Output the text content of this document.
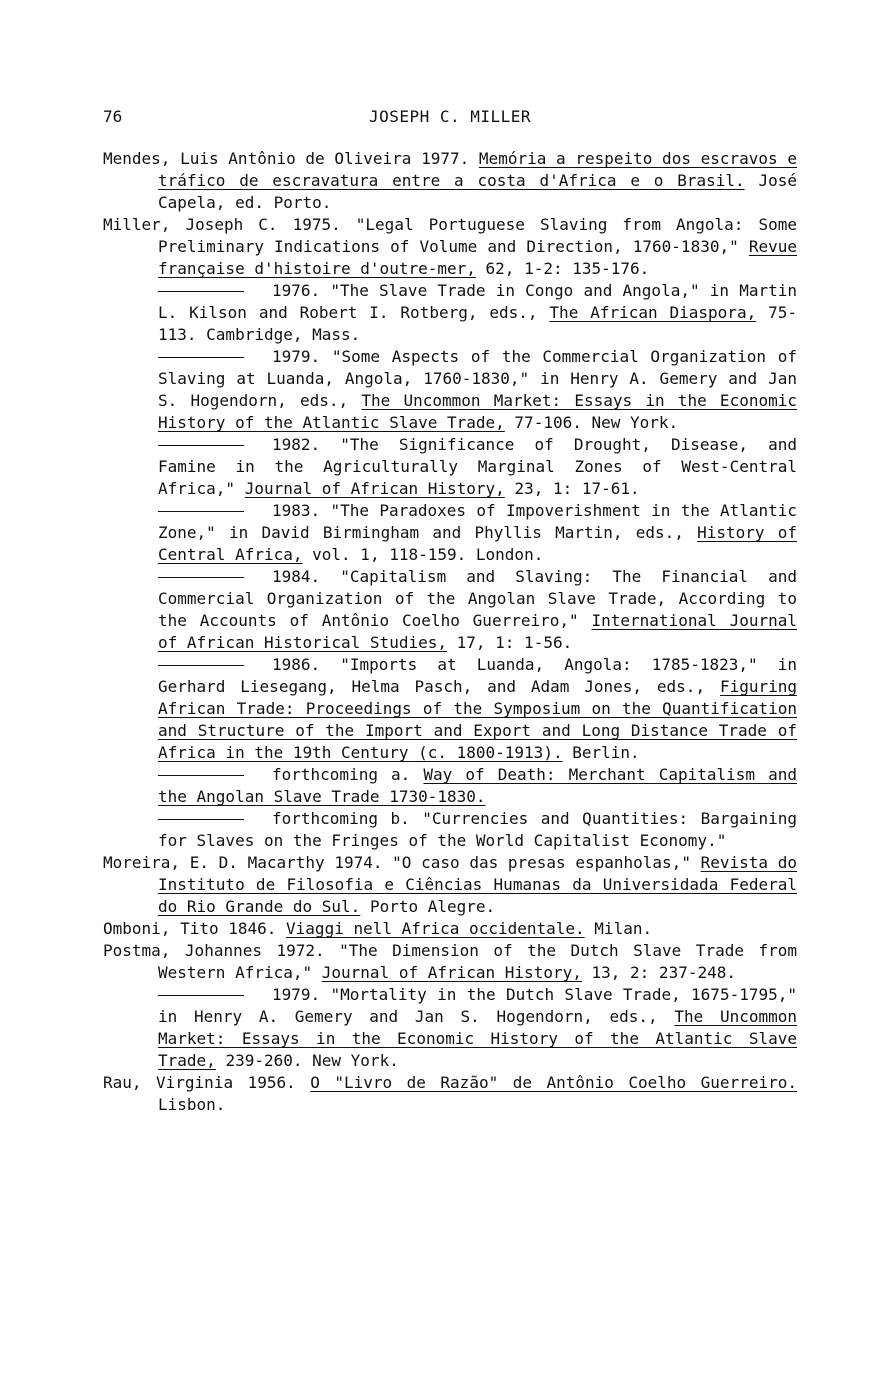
76	JOSEPH C. MILLER

Mendes, Luis Antônio de Oliveira 1977. Memória a respeito dos escravos e tráfico de escravatura entre a costa d'Africa e o Brasil. José Capela, ed. Porto.

Miller, Joseph C. 1975. "Legal Portuguese Slaving from Angola: Some Preliminary Indications of Volume and Direction, 1760-1830," Revue française d'histoire d'outre-mer, 62, 1-2: 135-176.

1976. "The Slave Trade in Congo and Angola," in Martin L. Kilson and Robert I. Rotberg, eds., The African Diaspora, 75-113. Cambridge, Mass.

1979. "Some Aspects of the Commercial Organization of Slaving at Luanda, Angola, 1760-1830," in Henry A. Gemery and Jan S. Hogendorn, eds., The Uncommon Market: Essays in the Economic History of the Atlantic Slave Trade, 77-106. New York.

1982. "The Significance of Drought, Disease, and Famine in the Agriculturally Marginal Zones of West-Central Africa," Journal of African History, 23, 1: 17-61.

1983. "The Paradoxes of Impoverishment in the Atlantic Zone," in David Birmingham and Phyllis Martin, eds., History of Central Africa, vol. 1, 118-159. London.

1984. "Capitalism and Slaving: The Financial and Commercial Organization of the Angolan Slave Trade, According to the Accounts of Antônio Coelho Guerreiro," International Journal of African Historical Studies, 17, 1: 1-56.

1986. "Imports at Luanda, Angola: 1785-1823," in Gerhard Liesegang, Helma Pasch, and Adam Jones, eds., Figuring African Trade: Proceedings of the Symposium on the Quantification and Structure of the Import and Export and Long Distance Trade of Africa in the 19th Century (c. 1800-1913). Berlin.

forthcoming a. Way of Death: Merchant Capitalism and the Angolan Slave Trade 1730-1830.

forthcoming b. "Currencies and Quantities: Bargaining for Slaves on the Fringes of the World Capitalist Economy."

Moreira, E. D. Macarthy 1974. "O caso das presas espanholas," Revista do Instituto de Filosofia e Ciências Humanas da Universidada Federal do Rio Grande do Sul. Porto Alegre.

Omboni, Tito 1846. Viaggi nell Africa occidentale. Milan.

Postma, Johannes 1972. "The Dimension of the Dutch Slave Trade from Western Africa," Journal of African History, 13, 2: 237-248.

1979. "Mortality in the Dutch Slave Trade, 1675-1795," in Henry A. Gemery and Jan S. Hogendorn, eds., The Uncommon Market: Essays in the Economic History of the Atlantic Slave Trade, 239-260. New York.

Rau, Virginia 1956. O "Livro de Razão" de Antônio Coelho Guerreiro. Lisbon.
